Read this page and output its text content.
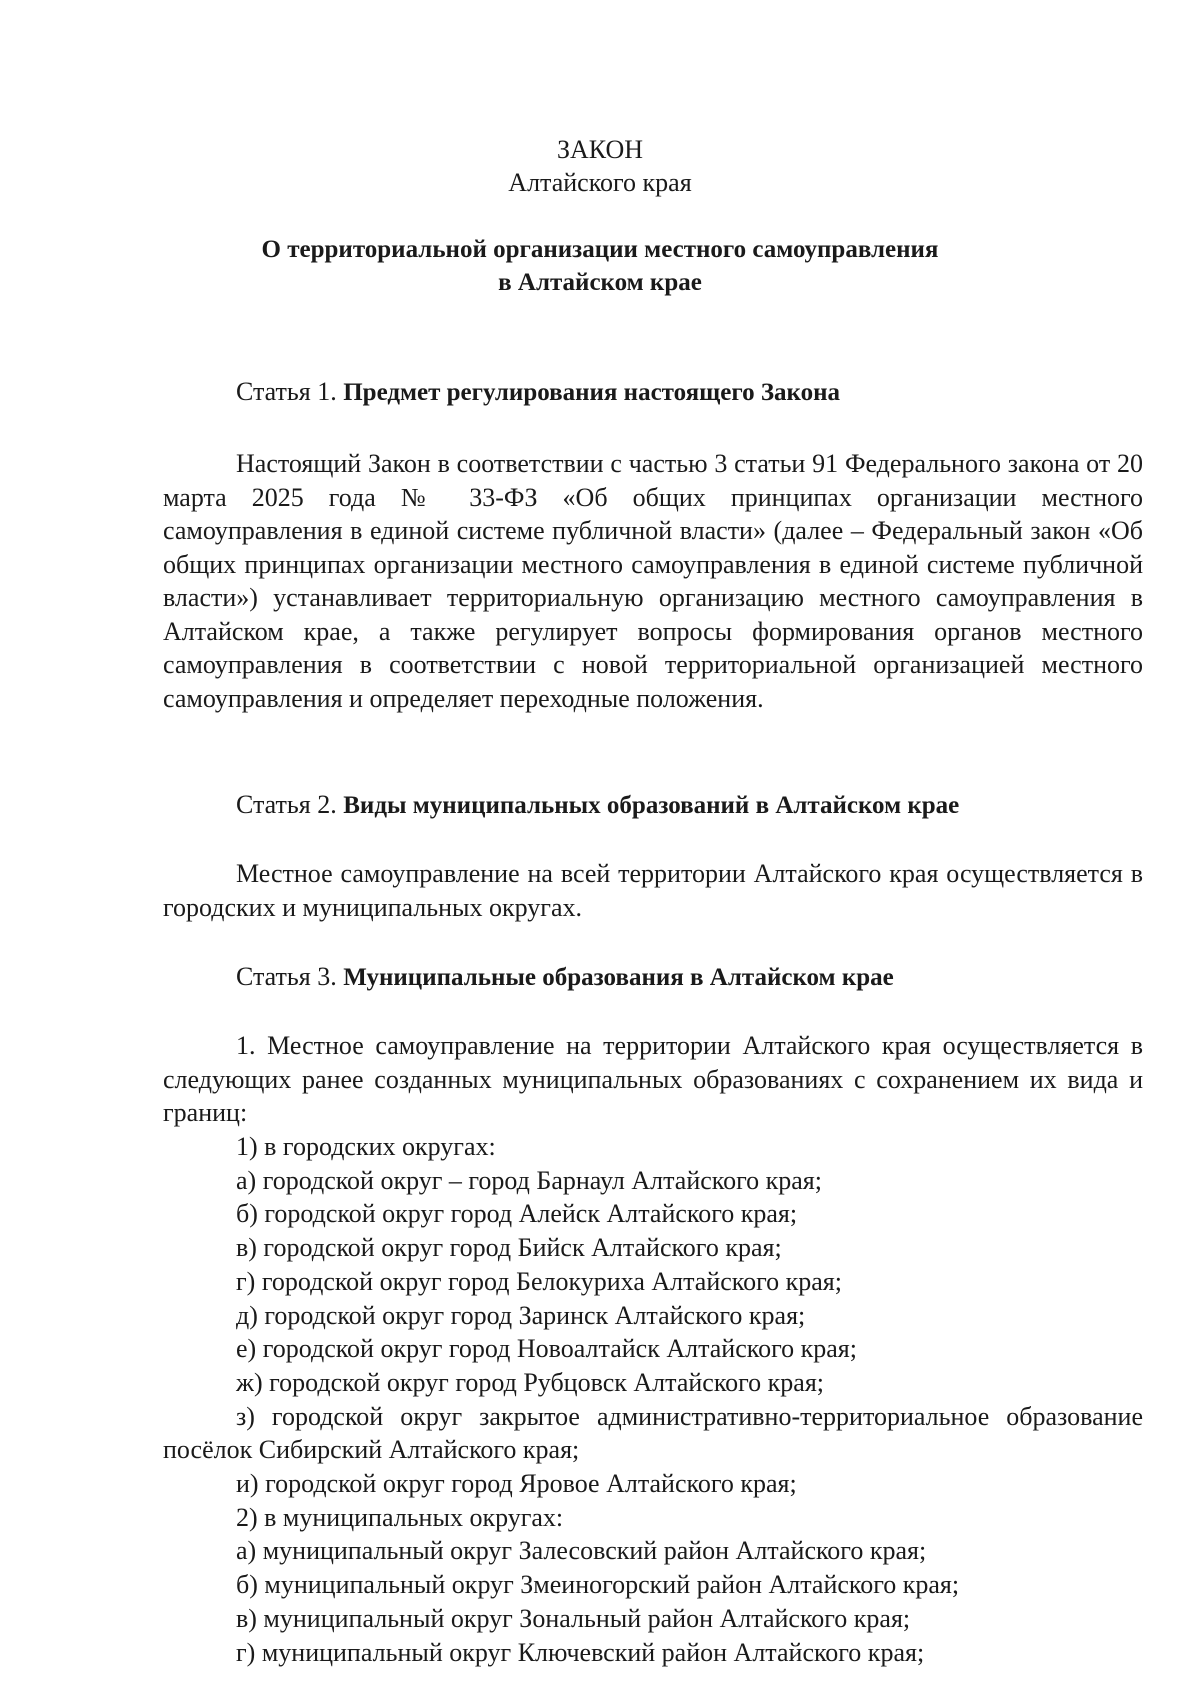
ЗАКОН

Алтайского края

О территориальной организации местного самоуправления

в Алтайском крае

Статья 1. Предмет регулирования настоящего Закона

Настоящий Закон в соответствии с частью 3 статьи 91 Федерального закона от 20 марта 2025 года № 33-ФЗ «Об общих принципах организации местного самоуправления в единой системе публичной власти» (далее – Федеральный закон «Об общих принципах организации местного самоуправления в единой системе публичной власти») устанавливает территориальную организацию местного самоуправления в Алтайском крае, а также регулирует вопросы формирования органов местного самоуправления в соответствии с новой территориальной организацией местного самоуправления и определяет переходные положения.

Статья 2. Виды муниципальных образований в Алтайском крае

Местное самоуправление на всей территории Алтайского края осуществляется в городских и муниципальных округах.

Статья 3. Муниципальные образования в Алтайском крае

1. Местное самоуправление на территории Алтайского края осуществляется в следующих ранее созданных муниципальных образованиях с сохранением их вида и границ:

1) в городских округах:
а) городской округ – город Барнаул Алтайского края;
б) городской округ город Алейск Алтайского края;
в) городской округ город Бийск Алтайского края;
г) городской округ город Белокуриха Алтайского края;
д) городской округ город Заринск Алтайского края;
е) городской округ город Новоалтайск Алтайского края;
ж) городской округ город Рубцовск Алтайского края;
з) городской округ закрытое административно-территориальное образование посёлок Сибирский Алтайского края;
и) городской округ город Яровое Алтайского края;
2) в муниципальных округах:
а) муниципальный округ Залесовский район Алтайского края;
б) муниципальный округ Змеиногорский район Алтайского края;
в) муниципальный округ Зональный район Алтайского края;
г) муниципальный округ Ключевский район Алтайского края;
